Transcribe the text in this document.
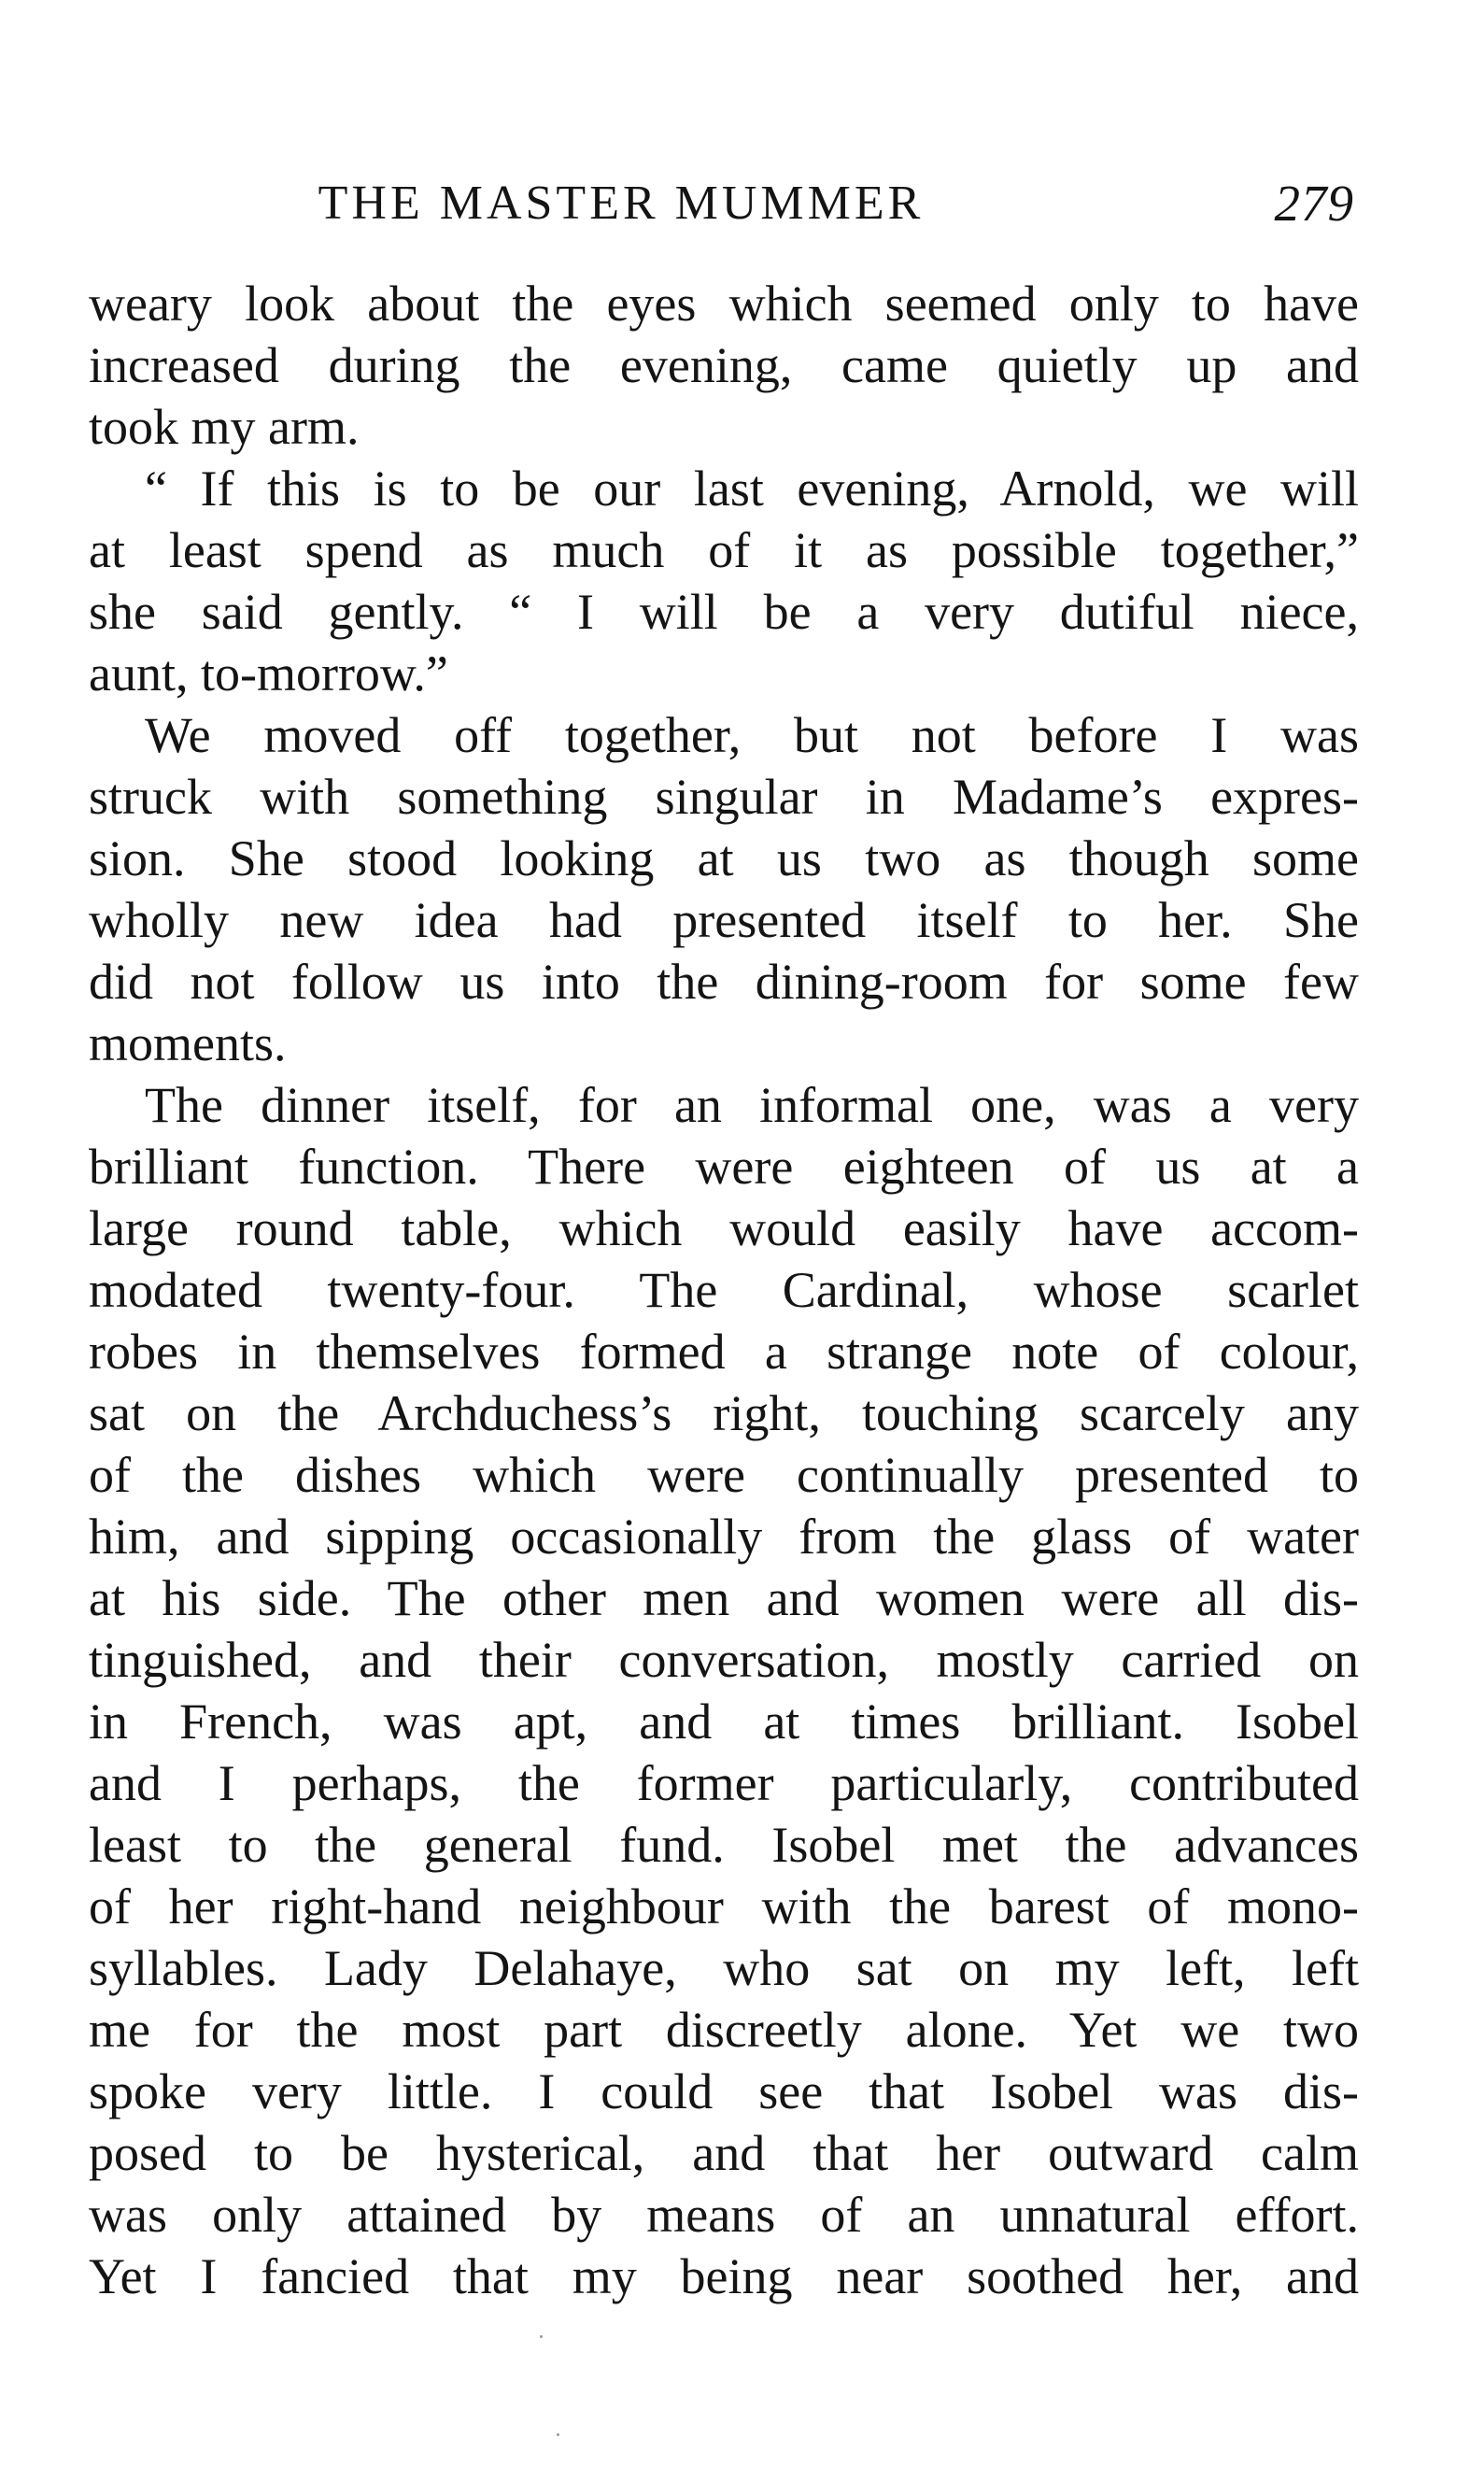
THE MASTER MUMMER	279
weary look about the eyes which seemed only to have
increased during the evening, came quietly up and
took my arm.
“ If this is to be our last evening, Arnold, we will
at least spend as much of it as possible together,”
she said gently. “ I will be a very dutiful niece,
aunt, to-morrow.”
We moved off together, but not before I was
struck with something singular in Madame’s expres-
sion. She stood looking at us two as though some
wholly new idea had presented itself to her. She
did not follow us into the dining-room for some few
moments.
The dinner itself, for an informal one, was a very
brilliant function. There were eighteen of us at a
large round table, which would easily have accom-
modated twenty-four. The Cardinal, whose scarlet
robes in themselves formed a strange note of colour,
sat on the Archduchess’s right, touching scarcely any
of the dishes which were continually presented to
him, and sipping occasionally from the glass of water
at his side. The other men and women were all dis-
tinguished, and their conversation, mostly carried on
in French, was apt, and at times brilliant. Isobel
and I perhaps, the former particularly, contributed
least to the general fund. Isobel met the advances
of her right-hand neighbour with the barest of mono-
syllables. Lady Delahaye, who sat on my left, left
me for the most part discreetly alone. Yet we two
spoke very little. I could see that Isobel was dis-
posed to be hysterical, and that her outward calm
was only attained by means of an unnatural effort.
Yet I fancied that my being near soothed her, and
